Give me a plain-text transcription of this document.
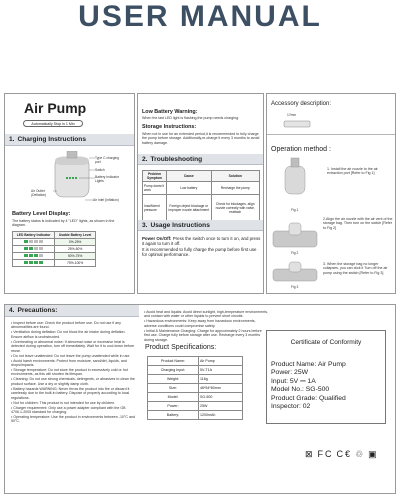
USER MANUAL
Air Pump
Automatically Stop in 1 Min
1. Charging Instructions
Type C charging port
Switch
Battery Indicator Lights
Air Outlet (Deflation)
Air Inlet (Inflation)
Battery Level Display:
The battery status is indicated by 4 "LED" lights, as shown in the diagram.
LED Battery Indicator	Usable Battery Level
	0%-25%
	25%-50%
	50%-75%
	75%-100%
Low Battery Warning:
When the last LED light is flashing,the pump needs charging.
Storage Instructions:
When not in use for an extended period,it is recommended to fully charge the pump before storage. Additionally,re-charge it every 3 months to avoid battery damage.
2. Troubleshooting
Problem Symptom	Cause	Solution
Pump doesn't work	Low battery	Recharge the pump
Insufficient pressure	Foreign object blockage or improper nozzle attachment	Check for blockages, align nozzle correctly with valve, reattach
3. Usage Instructions
Power On/Off: Press the switch once to turn it on, and press it again to turn it off.
It is recommended to fully charge the pump before first use for optimal performance.
Accessory description:
17mm
Operation method :
Fig 1
1. Install the air nozzle to the air extraction port [Refer to Fig 1]
Fig 2
2.Align the air nozzle with the air vent of the storage bag. Then turn on the switch [Refer to Fig 2]
Fig 3
3. When the storage bag no longer collapses, you can click it Turn off the air pump using the switch [Refer to Fig 3]
4. Precautions:
• Inspect before use: Check the product before use. Do not use if any abnormalities are found.
• Ventilation during deflation: Do not block the air intake during deflation. Ensure airflow is unobstructed.
• Overheating or abnormal noise: If abnormal noise or excessive heat is detected during operation, turn off immediately. Wait for it to cool down before reuse.
• Do not leave unattended: Do not leave the pump unattended while in use.
• Avoid harsh environments: Protect from moisture, sand/dirt, liquids, and drops/impacts.
• Storage temperature: Do not store the product in excessively cold or hot environments, as this will shorten its lifespan.
• Cleaning: Do not use strong chemicals, detergents, or abrasives to clean the product surface. Use a dry or slightly damp cloth.
• Battery hazards WARNING: Never throw the product into fire or discard it carelessly due to the built-in battery. Dispose of properly according to local regulations.
• Not for children: This product is not intended for use by children.
• Charger requirement: Only use a power adapter compliant with the GB 4706.1-2005 standard for charging.
• Operating temperature: Use the product in environments between -10°C and 50°C.
• Avoid heat and liquids: Avoid direct sunlight, high-temperature environments, and contact with water or other liquids to prevent short circuits.
• Hazardous environments: Keep away from hazardous environments, adverse conditions could compromise safety.
• Initial & Maintenance Charging: Charge for approximately 2 hours before first use. Charge fully before storage after use. Recharge every 3 months during storage.
Product Specifications:
Product Name:	Air Pump
Charging Input:	5V-T1A
Weight:	116g
Size:	46*54*60mm
Model:	SG-500
Power:	25W
Battery:	1200mAh
Certificate of Conformity
Product Name: Air Pump
Power: 25W
Input: 5V ⎓ 1A
Model No.: SG-500
Product Grade: Qualified
Inspector: 02
⊠ FC C€ ♲ ▣
